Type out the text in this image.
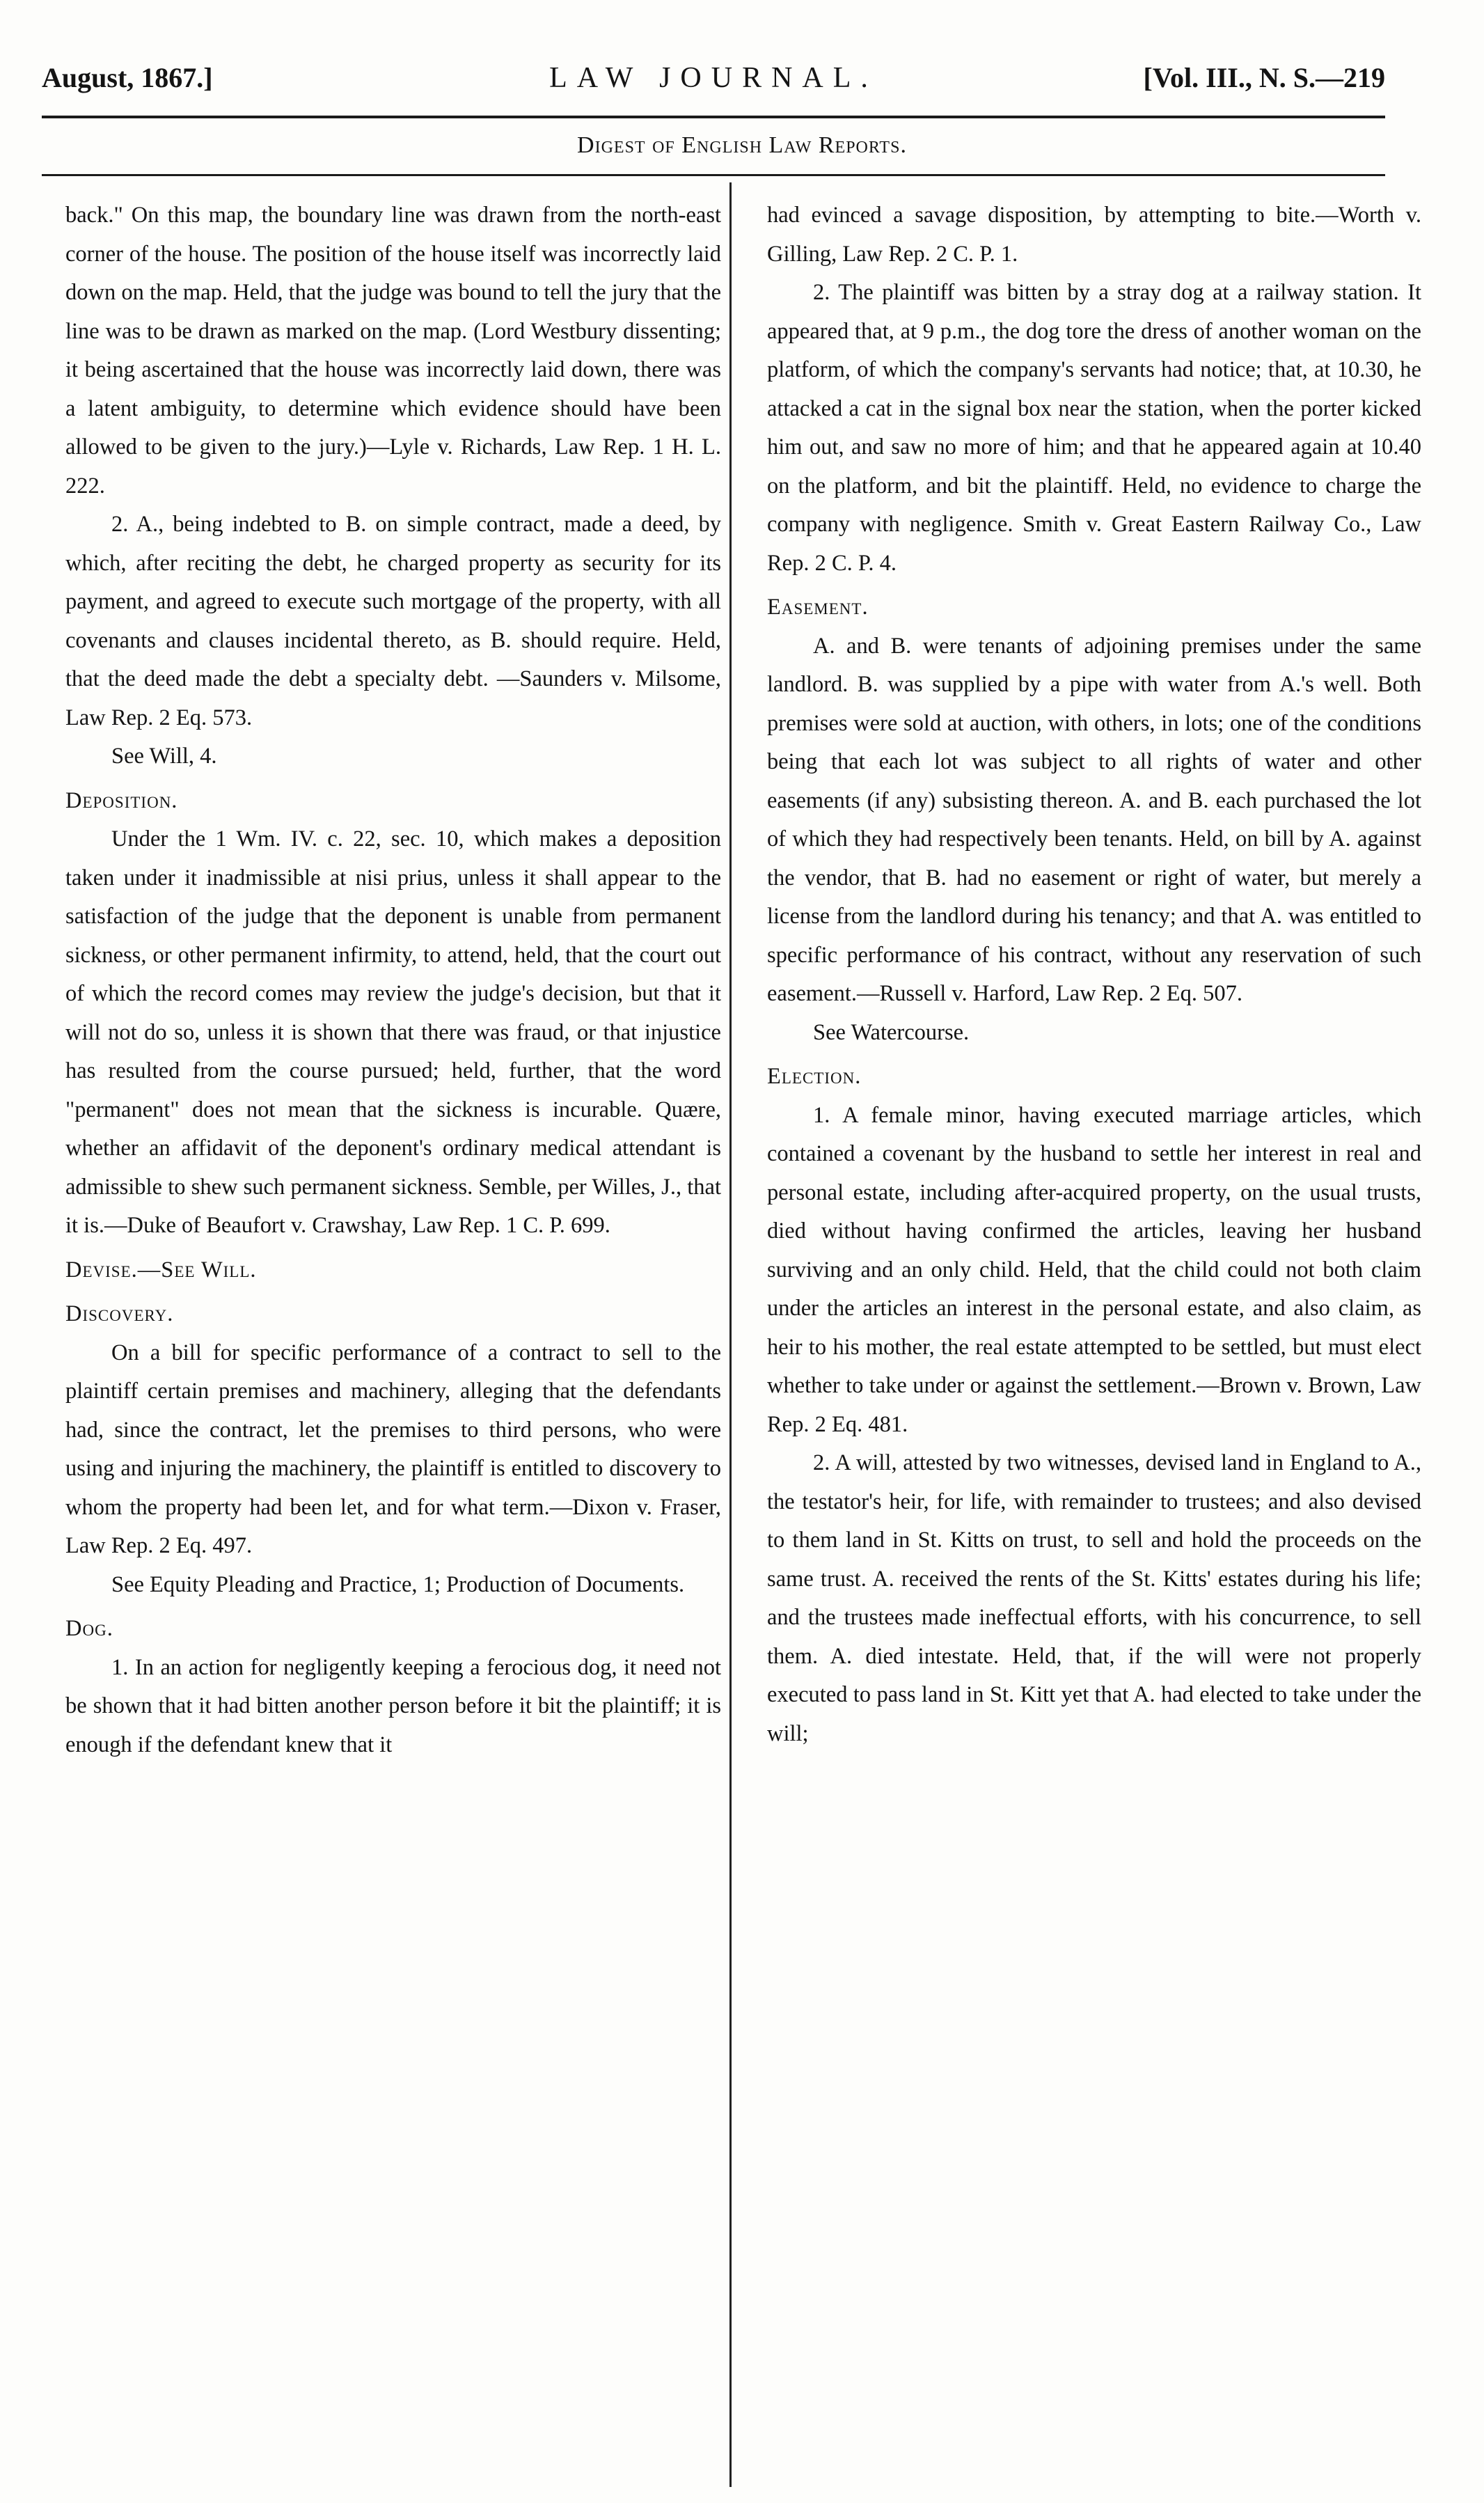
August, 1867.]	LAW JOURNAL.	[Vol. III., N. S.—219
Digest of English Law Reports.

back." On this map, the boundary line was drawn from the north-east corner of the house. The position of the house itself was incorrectly laid down on the map. Held, that the judge was bound to tell the jury that the line was to be drawn as marked on the map. (Lord Westbury dissenting; it being ascertained that the house was incorrectly laid down, there was a latent ambiguity, to determine which evidence should have been allowed to be given to the jury.)—Lyle v. Richards, Law Rep. 1 H. L. 222.

2. A., being indebted to B. on simple contract, made a deed, by which, after reciting the debt, he charged property as security for its payment, and agreed to execute such mortgage of the property, with all covenants and clauses incidental thereto, as B. should require. Held, that the deed made the debt a specialty debt. —Saunders v. Milsome, Law Rep. 2 Eq. 573.

See Will, 4.

Deposition.

Under the 1 Wm. IV. c. 22, sec. 10, which makes a deposition taken under it inadmissible at nisi prius, unless it shall appear to the satisfaction of the judge that the deponent is unable from permanent sickness, or other permanent infirmity, to attend, held, that the court out of which the record comes may review the judge's decision, but that it will not do so, unless it is shown that there was fraud, or that injustice has resulted from the course pursued; held, further, that the word "permanent" does not mean that the sickness is incurable. Quære, whether an affidavit of the deponent's ordinary medical attendant is admissible to shew such permanent sickness. Semble, per Willes, J., that it is.—Duke of Beaufort v. Crawshay, Law Rep. 1 C. P. 699.

Devise.—See Will.

Discovery.

On a bill for specific performance of a contract to sell to the plaintiff certain premises and machinery, alleging that the defendants had, since the contract, let the premises to third persons, who were using and injuring the machinery, the plaintiff is entitled to discovery to whom the property had been let, and for what term.—Dixon v. Fraser, Law Rep. 2 Eq. 497.

See Equity Pleading and Practice, 1; Production of Documents.

Dog.

1. In an action for negligently keeping a ferocious dog, it need not be shown that it had bitten another person before it bit the plaintiff; it is enough if the defendant knew that it

had evinced a savage disposition, by attempting to bite.—Worth v. Gilling, Law Rep. 2 C. P. 1.

2. The plaintiff was bitten by a stray dog at a railway station. It appeared that, at 9 p.m., the dog tore the dress of another woman on the platform, of which the company's servants had notice; that, at 10.30, he attacked a cat in the signal box near the station, when the porter kicked him out, and saw no more of him; and that he appeared again at 10.40 on the platform, and bit the plaintiff. Held, no evidence to charge the company with negligence. Smith v. Great Eastern Railway Co., Law Rep. 2 C. P. 4.

Easement.

A. and B. were tenants of adjoining premises under the same landlord. B. was supplied by a pipe with water from A.'s well. Both premises were sold at auction, with others, in lots; one of the conditions being that each lot was subject to all rights of water and other easements (if any) subsisting thereon. A. and B. each purchased the lot of which they had respectively been tenants. Held, on bill by A. against the vendor, that B. had no easement or right of water, but merely a license from the landlord during his tenancy; and that A. was entitled to specific performance of his contract, without any reservation of such easement.—Russell v. Harford, Law Rep. 2 Eq. 507.

See Watercourse.

Election.

1. A female minor, having executed marriage articles, which contained a covenant by the husband to settle her interest in real and personal estate, including after-acquired property, on the usual trusts, died without having confirmed the articles, leaving her husband surviving and an only child. Held, that the child could not both claim under the articles an interest in the personal estate, and also claim, as heir to his mother, the real estate attempted to be settled, but must elect whether to take under or against the settlement.—Brown v. Brown, Law Rep. 2 Eq. 481.

2. A will, attested by two witnesses, devised land in England to A., the testator's heir, for life, with remainder to trustees; and also devised to them land in St. Kitts on trust, to sell and hold the proceeds on the same trust. A. received the rents of the St. Kitts' estates during his life; and the trustees made ineffectual efforts, with his concurrence, to sell them. A. died intestate. Held, that, if the will were not properly executed to pass land in St. Kitt yet that A. had elected to take under the will;
